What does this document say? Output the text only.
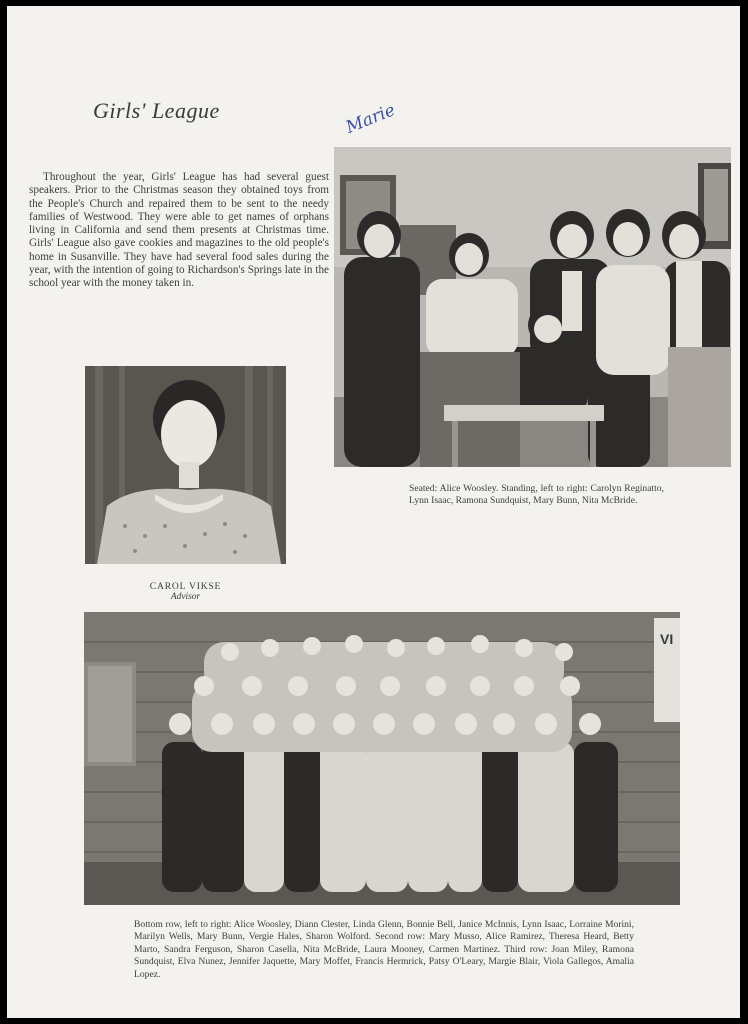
Girls' League	Marie

Throughout the year, Girls' League has had several guest speakers. Prior to the Christmas season they obtained toys from the People's Church and repaired them to be sent to the needy families of Westwood. They were able to get names of orphans living in California and send them presents at Christmas time. Girls' League also gave cookies and magazines to the old people's home in Susanville. They have had several food sales during the year, with the intention of going to Richardson's Springs late in the school year with the money taken in.

Seated: Alice Woosley. Standing, left to right: Carolyn Reginatto, Lynn Isaac, Ramona Sundquist, Mary Bunn, Nita McBride.

CAROL VIKSE
Advisor
VI

Bottom row, left to right: Alice Woosley, Diann Clester, Linda Glenn, Bonnie Bell, Janice McInnis, Lynn Isaac, Lorraine Morini, Marilyn Wells, Mary Bunn, Vergie Hales, Sharon Wolford. Second row: Mary Musso, Alice Ramirez, Theresa Heard, Betty Marto, Sandra Ferguson, Sharon Casella, Nita McBride, Laura Mooney, Carmen Martinez. Third row: Joan Miley, Ramona Sundquist, Elva Nunez, Jennifer Jaquette, Mary Moffet, Francis Hermrick, Patsy O'Leary, Margie Blair, Viola Gallegos, Amalia Lopez.
